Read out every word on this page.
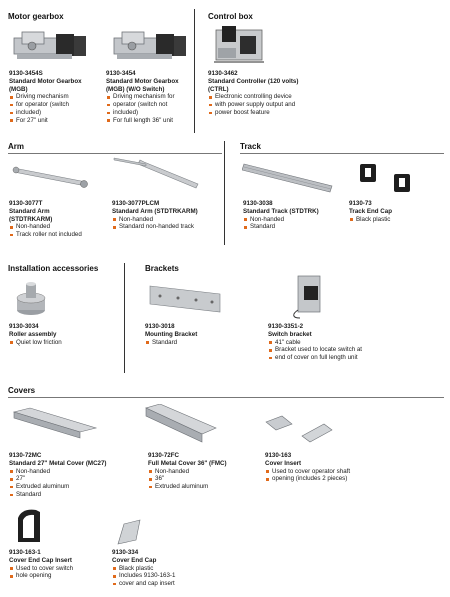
Motor gearbox	Control box
Arm	Track
Installation accessories	Brackets
Covers
9130-3454S
Standard Motor Gearbox
(MGB)
Driving mechanism
for operator (switch
included)
For 27" unit
9130-3454
Standard Motor Gearbox
(MGB) (W/O Switch)
Driving mechanism for
operator (switch not
included)
For full length 36" unit
9130-3462
Standard Controller (120 volts)
(CTRL)
Electronic controlling device
with power supply output and
power boost feature
9130-3077T
Standard Arm
(STDTRKARM)
Non-handed
Track roller not included
9130-3077PLCM
Standard Arm (STDTRKARM)
Non-handed
Standard non-handed track
9130-3038
Standard Track (STDTRK)
Non-handed
Standard
9130-73
Track End Cap
Black plastic
9130-3034
Roller assembly
Quiet low friction
9130-3018
Mounting Bracket
Standard
9130-3351-2
Switch bracket
41" cable
Bracket used to locate switch at
end of cover on full length unit
9130-72MC
Standard 27" Metal Cover (MC27)
Non-handed
27"
Extruded aluminum
Standard
9130-72FC
Full Metal Cover 36" (FMC)
Non-handed
36"
Extruded aluminum
9130-163
Cover Insert
Used to cover operator shaft
opening (includes 2 pieces)
9130-163-1
Cover End Cap Insert
Used to cover switch
hole opening
9130-334
Cover End Cap
Black plastic
Includes 9130-163-1
cover and cap insert
